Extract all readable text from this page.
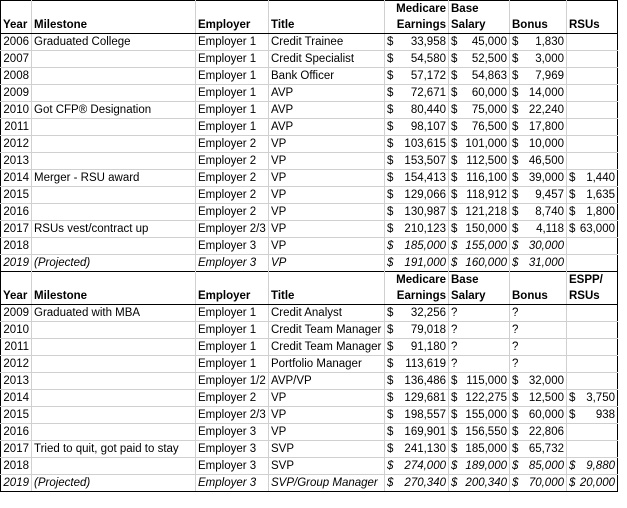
				Medicare	Base		
Year	Milestone	Employer	Title	Earnings	Salary	Bonus	RSUs
2006	Graduated College	Employer 1	Credit Trainee	$ 33,958	$ 45,000	$ 1,830	

2007		Employer 1	Credit Specialist	$ 54,580	$ 52,500	$ 3,000	

2008		Employer 1	Bank Officer	$ 57,172	$ 54,863	$ 7,969	

2009		Employer 1	AVP	$ 72,671	$ 60,000	$ 14,000	

2010	Got CFP® Designation	Employer 1	AVP	$ 80,440	$ 75,000	$ 22,240	

2011		Employer 1	AVP	$ 98,107	$ 76,500	$ 17,800	

2012		Employer 2	VP	$ 103,615	$ 101,000	$ 10,000	

2013		Employer 2	VP	$ 153,507	$ 112,500	$ 46,500	

2014	Merger - RSU award	Employer 2	VP	$ 154,413	$ 116,100	$ 39,000	$ 1,440

2015		Employer 2	VP	$ 129,066	$ 118,912	$ 9,457	$ 1,635

2016		Employer 2	VP	$ 130,987	$ 121,218	$ 8,740	$ 1,800

2017	RSUs vest/contract up	Employer 2/3	VP	$ 210,123	$ 150,000	$ 4,118	$ 63,000

2018		Employer 3	VP	$ 185,000	$ 155,000	$ 30,000	

2019	(Projected)	Employer 3	VP	$ 191,000	$ 160,000	$ 31,000	

				Medicare	Base		ESPP/
Year	Milestone	Employer	Title	Earnings	Salary	Bonus	RSUs
2009	Graduated with MBA	Employer 1	Credit Analyst	$ 32,256	?	?	
2010		Employer 1	Credit Team Manager	$ 79,018	?	?	
2011		Employer 1	Credit Team Manager	$ 91,180	?	?	
2012		Employer 1	Portfolio Manager	$ 113,619	?	?	
2013		Employer 1/2	AVP/VP	$ 136,486	$ 115,000	$ 32,000	

2014		Employer 2	VP	$ 129,681	$ 122,275	$ 12,500	$ 3,750

2015		Employer 2/3	VP	$ 198,557	$ 155,000	$ 60,000	$ 938

2016		Employer 3	VP	$ 169,901	$ 156,550	$ 22,806	

2017	Tried to quit, got paid to stay	Employer 3	SVP	$ 241,130	$ 185,000	$ 65,732	

2018		Employer 3	SVP	$ 274,000	$ 189,000	$ 85,000	$ 9,880

2019	(Projected)	Employer 3	SVP/Group Manager	$ 270,340	$ 200,340	$ 70,000	$ 20,000
